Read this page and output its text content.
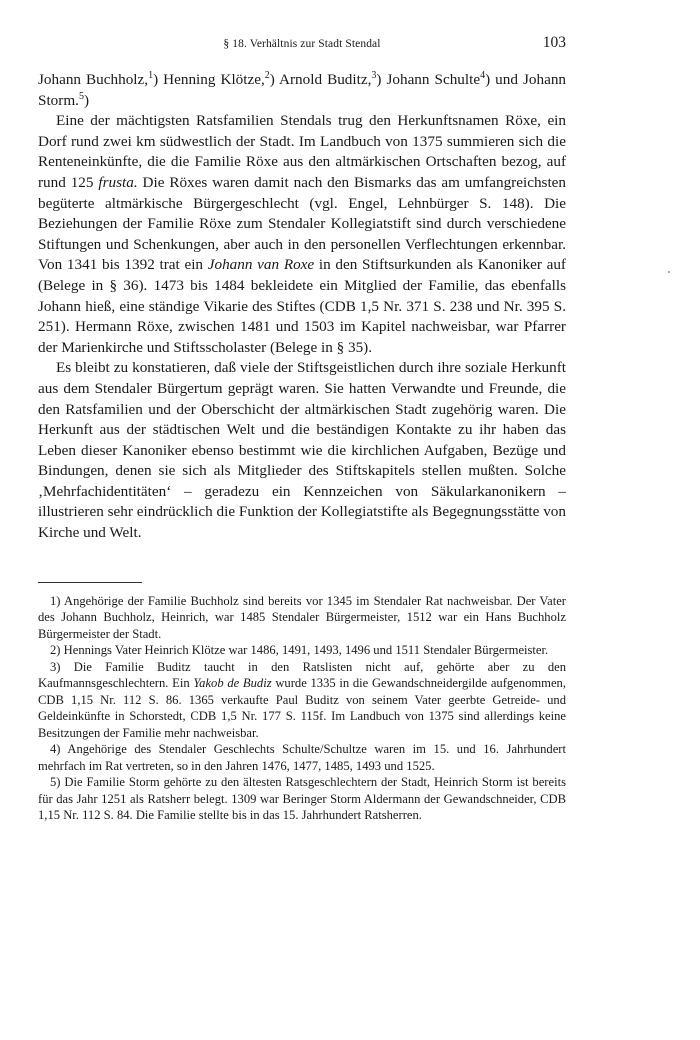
§ 18. Verhältnis zur Stadt Stendal	103

Johann Buchholz,$^1$) Henning Klötze,$^2$) Arnold Buditz,$^3$) Johann Schulte$^4$) und Johann Storm.$^5$)

Eine der mächtigsten Ratsfamilien Stendals trug den Herkunftsnamen Röxe, ein Dorf rund zwei km südwestlich der Stadt. Im Landbuch von 1375 summieren sich die Renteneinkünfte, die die Familie Röxe aus den altmärkischen Ortschaften bezog, auf rund 125 frusta. Die Röxes waren damit nach den Bismarks das am umfangreichsten begüterte altmärkische Bürgergeschlecht (vgl. Engel, Lehnbürger S. 148). Die Beziehungen der Familie Röxe zum Stendaler Kollegiatstift sind durch verschiedene Stiftungen und Schenkungen, aber auch in den personellen Verflechtungen erkennbar. Von 1341 bis 1392 trat ein Johann van Roxe in den Stiftsurkunden als Kanoniker auf (Belege in § 36). 1473 bis 1484 bekleidete ein Mitglied der Familie, das ebenfalls Johann hieß, eine ständige Vikarie des Stiftes (CDB 1,5 Nr. 371 S. 238 und Nr. 395 S. 251). Hermann Röxe, zwischen 1481 und 1503 im Kapitel nachweisbar, war Pfarrer der Marienkirche und Stiftsscholaster (Belege in § 35).

Es bleibt zu konstatieren, daß viele der Stiftsgeistlichen durch ihre soziale Herkunft aus dem Stendaler Bürgertum geprägt waren. Sie hatten Verwandte und Freunde, die den Ratsfamilien und der Oberschicht der altmärkischen Stadt zugehörig waren. Die Herkunft aus der städtischen Welt und die beständigen Kontakte zu ihr haben das Leben dieser Kanoniker ebenso bestimmt wie die kirchlichen Aufgaben, Bezüge und Bindungen, denen sie sich als Mitglieder des Stiftskapitels stellen mußten. Solche ‚Mehrfachidentitäten‘ – geradezu ein Kennzeichen von Säkularkanonikern – illustrieren sehr eindrücklich die Funktion der Kollegiatstifte als Begegnungsstätte von Kirche und Welt.

1) Angehörige der Familie Buchholz sind bereits vor 1345 im Stendaler Rat nachweisbar. Der Vater des Johann Buchholz, Heinrich, war 1485 Stendaler Bürgermeister, 1512 war ein Hans Buchholz Bürgermeister der Stadt.

2) Hennings Vater Heinrich Klötze war 1486, 1491, 1493, 1496 und 1511 Stendaler Bürgermeister.

3) Die Familie Buditz taucht in den Ratslisten nicht auf, gehörte aber zu den Kaufmannsgeschlechtern. Ein Yakob de Budiz wurde 1335 in die Gewandschneidergilde aufgenommen, CDB 1,15 Nr. 112 S. 86. 1365 verkaufte Paul Buditz von seinem Vater geerbte Getreide- und Geldeinkünfte in Schorstedt, CDB 1,5 Nr. 177 S. 115f. Im Landbuch von 1375 sind allerdings keine Besitzungen der Familie mehr nachweisbar.

4) Angehörige des Stendaler Geschlechts Schulte/Schultze waren im 15. und 16. Jahrhundert mehrfach im Rat vertreten, so in den Jahren 1476, 1477, 1485, 1493 und 1525.

5) Die Familie Storm gehörte zu den ältesten Ratsgeschlechtern der Stadt, Heinrich Storm ist bereits für das Jahr 1251 als Ratsherr belegt. 1309 war Beringer Storm Aldermann der Gewandschneider, CDB 1,15 Nr. 112 S. 84. Die Familie stellte bis in das 15. Jahrhundert Ratsherren.
